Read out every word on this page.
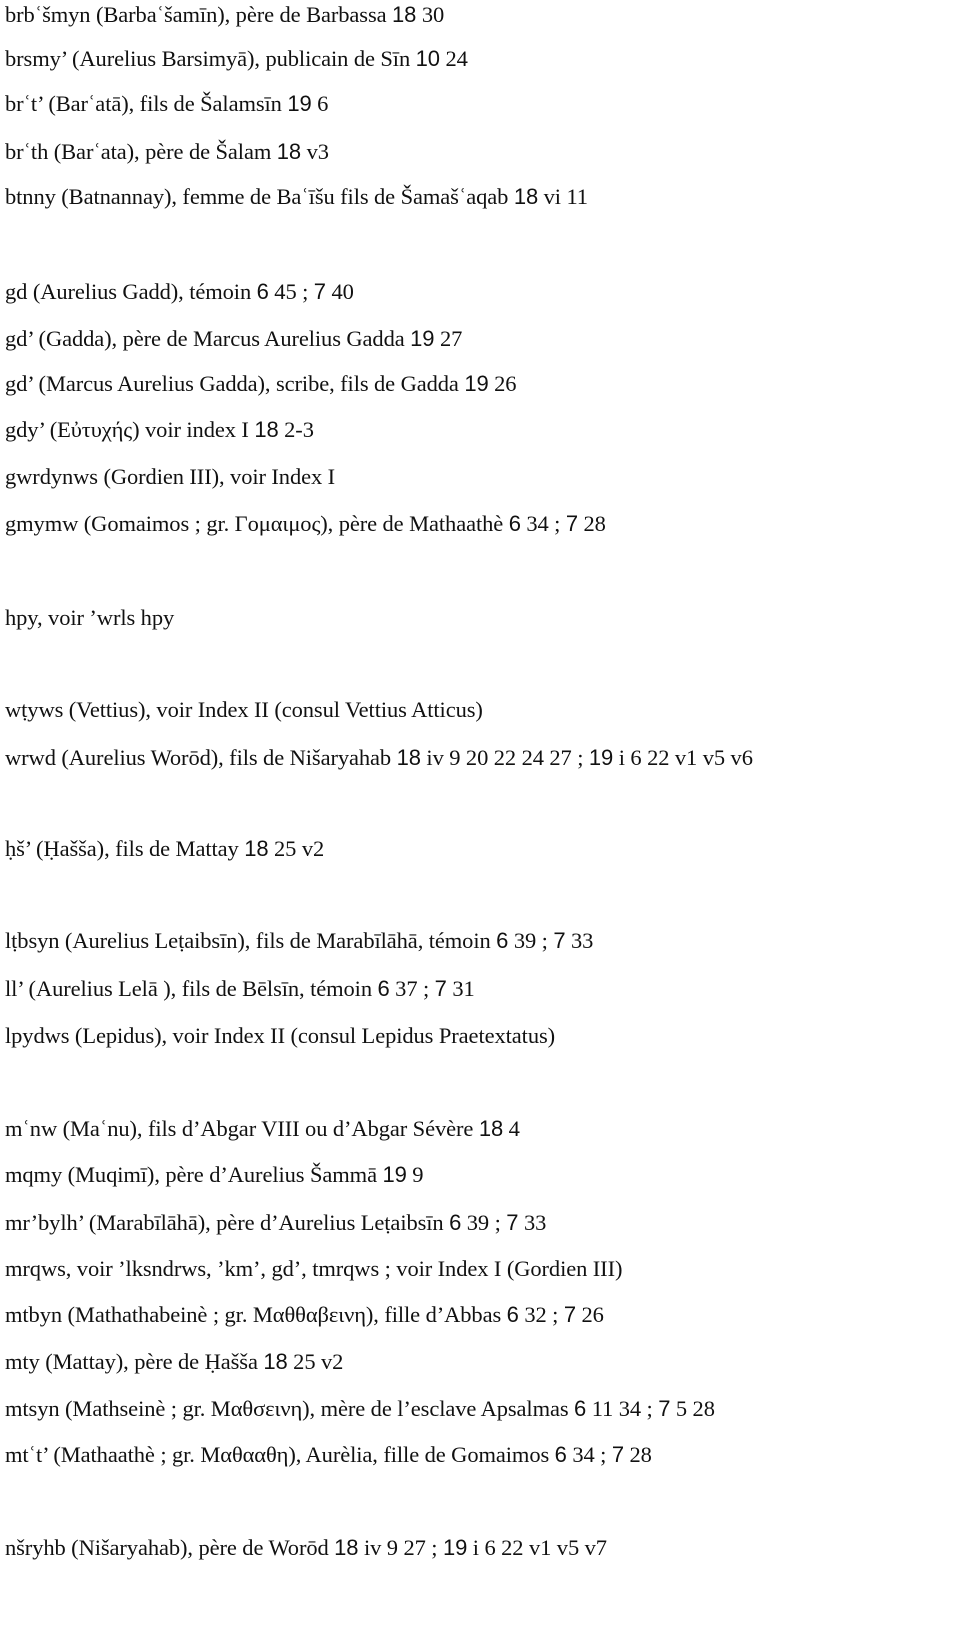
brbʿšmyn (Barbaʿšamīn), père de Barbassa 18 30
brsmy’ (Aurelius Barsimyā), publicain de Sīn 10 24
brʿt’ (Barʿatā), fils de Šalamsīn 19 6
brʿth (Barʿata), père de Šalam 18 v3
btnny (Batnannay), femme de Baʿīšu fils de Šamašʿaqab 18 vi 11
gd (Aurelius Gadd), témoin 6 45 ; 7 40
gd’ (Gadda), père de Marcus Aurelius Gadda 19 27
gd’ (Marcus Aurelius Gadda), scribe, fils de Gadda 19 26
gdy’ (Εὐτυχής) voir index I 18 2-3
gwrdynws (Gordien III), voir Index I
gmymw (Gomaimos ; gr. Γομαιμος), père de Mathaathè 6 34 ; 7 28
hpy, voir ’wrls hpy
wṭyws (Vettius), voir Index II (consul Vettius Atticus)
wrwd (Aurelius Worōd), fils de Nišaryahab 18 iv 9 20 22 24 27 ; 19 i 6 22 v1 v5 v6
ḥš’ (Ḥašša), fils de Mattay 18 25 v2
lṭbsyn (Aurelius Leṭaibsīn), fils de Marabīlāhā, témoin 6 39 ; 7 33
ll’ (Aurelius Lelā ), fils de Bēlsīn, témoin 6 37 ; 7 31
lpydws (Lepidus), voir Index II (consul Lepidus Praetextatus)
mʿnw (Maʿnu), fils d’Abgar VIII ou d’Abgar Sévère 18 4
mqmy (Muqimī), père d’Aurelius Šammā 19 9
mr’bylh’ (Marabīlāhā), père d’Aurelius Leṭaibsīn 6 39 ; 7 33
mrqws, voir ’lksndrws, ’km’, gd’, tmrqws ; voir Index I (Gordien III)
mtbyn (Mathathabeinè ; gr. Μαθθαβεινη), fille d’Abbas 6 32 ; 7 26
mty (Mattay), père de Ḥašša 18 25 v2
mtsyn (Mathseinè ; gr. Μαθσεινη), mère de l’esclave Apsalmas 6 11 34 ; 7 5 28
mtʿt’ (Mathaathè ; gr. Μαθααθη), Aurèlia, fille de Gomaimos 6 34 ; 7 28
nšryhb (Nišaryahab), père de Worōd 18 iv 9 27 ; 19 i 6 22 v1 v5 v7
